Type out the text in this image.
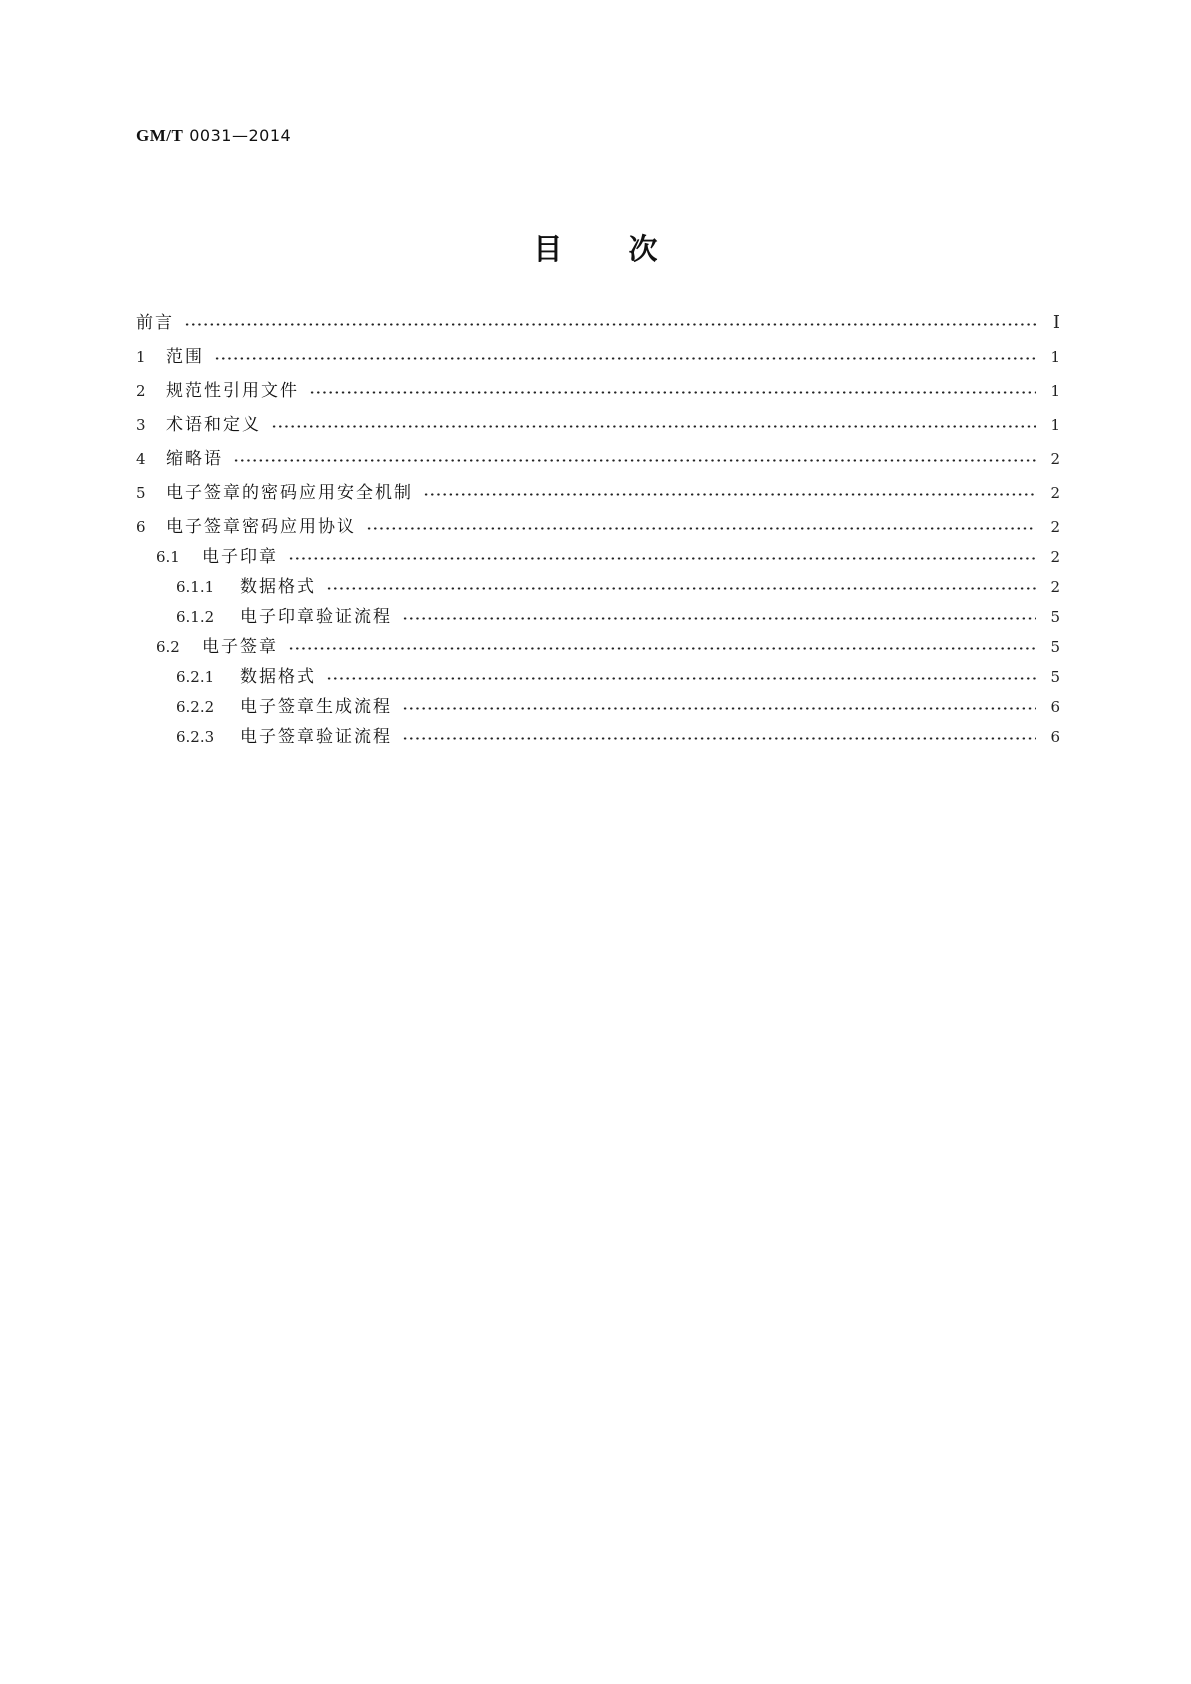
GM/T 0031—2014
目 次
前言	Ⅰ
1	范围	1
2	规范性引用文件	1
3	术语和定义	1
4	缩略语	2
5	电子签章的密码应用安全机制	2
6	电子签章密码应用协议	2
6.1	电子印章	2
6.1.1	数据格式	2
6.1.2	电子印章验证流程	5
6.2	电子签章	5
6.2.1	数据格式	5
6.2.2	电子签章生成流程	6
6.2.3	电子签章验证流程	6
